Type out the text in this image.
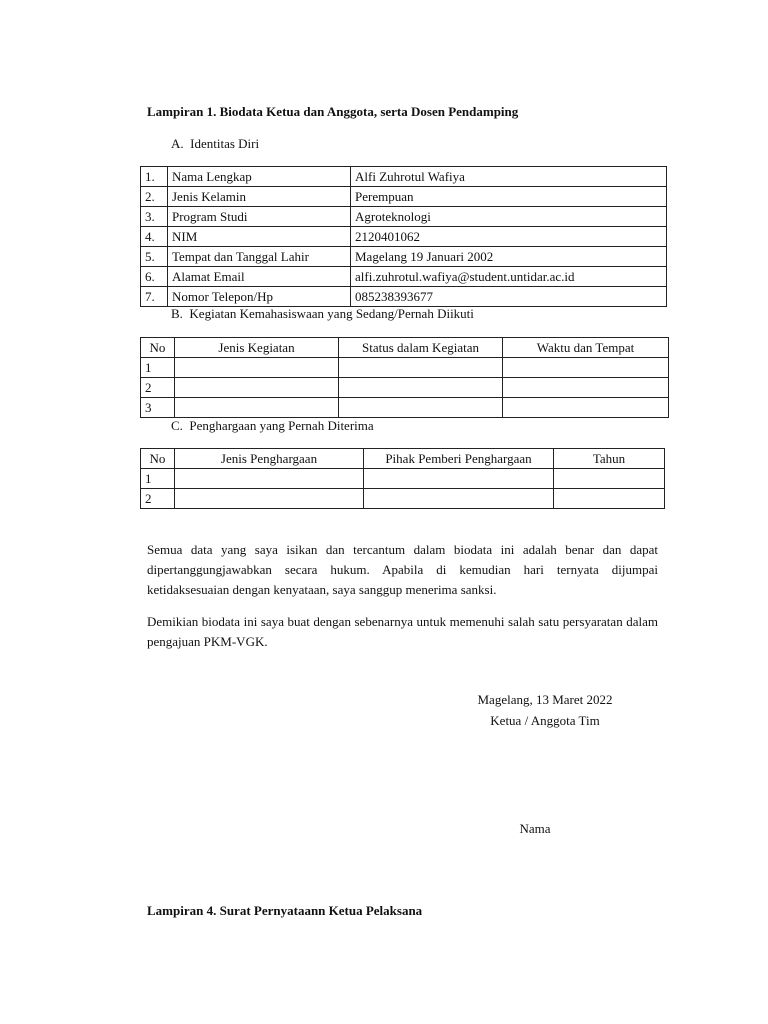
Lampiran 1. Biodata Ketua dan Anggota, serta Dosen Pendamping
A. Identitas Diri
1.	Nama Lengkap	Alfi Zuhrotul Wafiya
2.	Jenis Kelamin	Perempuan
3.	Program Studi	Agroteknologi
4.	NIM	2120401062
5.	Tempat dan Tanggal Lahir	Magelang 19 Januari 2002
6.	Alamat Email	alfi.zuhrotul.wafiya@student.untidar.ac.id
7.	Nomor Telepon/Hp	085238393677
B. Kegiatan Kemahasiswaan yang Sedang/Pernah Diikuti
No	Jenis Kegiatan	Status dalam Kegiatan	Waktu dan Tempat
1			
2			
3			
C. Penghargaan yang Pernah Diterima
No	Jenis Penghargaan	Pihak Pemberi Penghargaan	Tahun
1			
2			
Semua data yang saya isikan dan tercantum dalam biodata ini adalah benar dan dapat dipertanggungjawabkan secara hukum. Apabila di kemudian hari ternyata dijumpai ketidaksesuaian dengan kenyataan, saya sanggup menerima sanksi.
Demikian biodata ini saya buat dengan sebenarnya untuk memenuhi salah satu persyaratan dalam pengajuan PKM-VGK.
Magelang, 13 Maret 2022
Ketua / Anggota Tim
Nama
Lampiran 4. Surat Pernyataann Ketua Pelaksana
